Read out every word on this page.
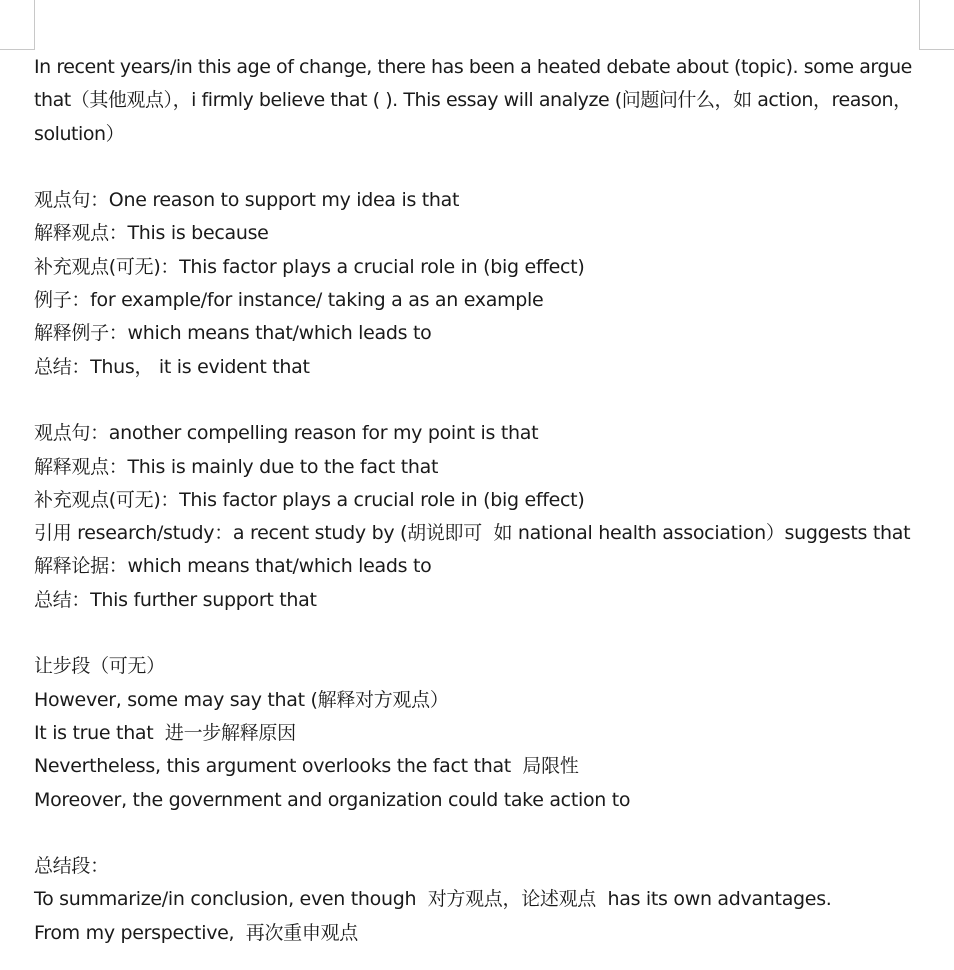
In recent years/in this age of change, there has been a heated debate about (topic). some argue
that（其他观点），i firmly believe that ( ). This essay will analyze (问题问什么，如 action，reason，
solution）
观点句：One reason to support my idea is that
解释观点：This is because
补充观点(可无)：This factor plays a crucial role in (big effect)
例子：for example/for instance/ taking a as an example
解释例子：which means that/which leads to
总结：Thus， it is evident that
观点句：another compelling reason for my point is that
解释观点：This is mainly due to the fact that
补充观点(可无)：This factor plays a crucial role in (big effect)
引用 research/study：a recent study by (胡说即可  如 national health association）suggests that
解释论据：which means that/which leads to
总结：This further support that
让步段（可无）
However, some may say that (解释对方观点）
It is true that  进一步解释原因
Nevertheless, this argument overlooks the fact that  局限性
Moreover, the government and organization could take action to
总结段：
To summarize/in conclusion, even though  对方观点，论述观点  has its own advantages.
From my perspective,  再次重申观点
